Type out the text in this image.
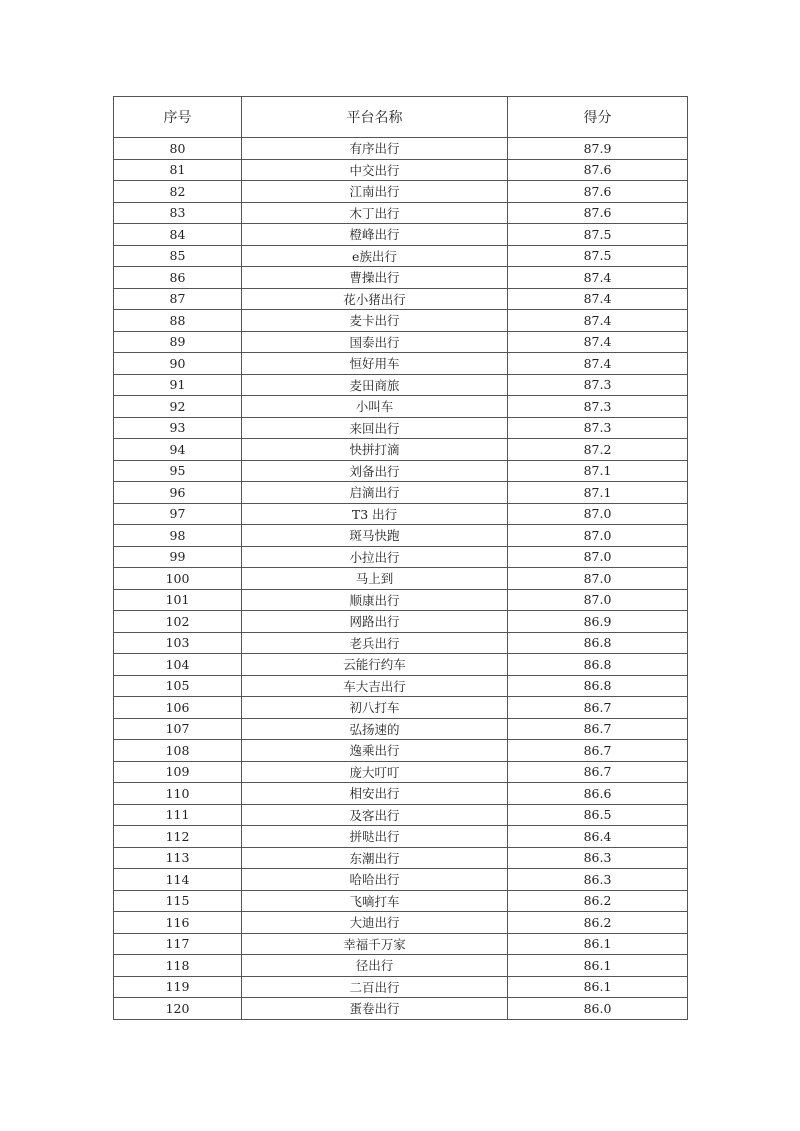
序号	平台名称	得分
80	有序出行	87.9
81	中交出行	87.6
82	江南出行	87.6
83	木丁出行	87.6
84	橙峰出行	87.5
85	e族出行	87.5
86	曹操出行	87.4
87	花小猪出行	87.4
88	麦卡出行	87.4
89	国泰出行	87.4
90	恒好用车	87.4
91	麦田商旅	87.3
92	小叫车	87.3
93	来回出行	87.3
94	快拼打滴	87.2
95	刘备出行	87.1
96	启滴出行	87.1
97	T3 出行	87.0
98	斑马快跑	87.0
99	小拉出行	87.0
100	马上到	87.0
101	顺康出行	87.0
102	网路出行	86.9
103	老兵出行	86.8
104	云能行约车	86.8
105	车大吉出行	86.8
106	初八打车	86.7
107	弘扬速的	86.7
108	逸乘出行	86.7
109	庞大叮叮	86.7
110	相安出行	86.6
111	及客出行	86.5
112	拼哒出行	86.4
113	东潮出行	86.3
114	哈哈出行	86.3
115	飞嘀打车	86.2
116	大迪出行	86.2
117	幸福千万家	86.1
118	径出行	86.1
119	二百出行	86.1
120	蛋卷出行	86.0
